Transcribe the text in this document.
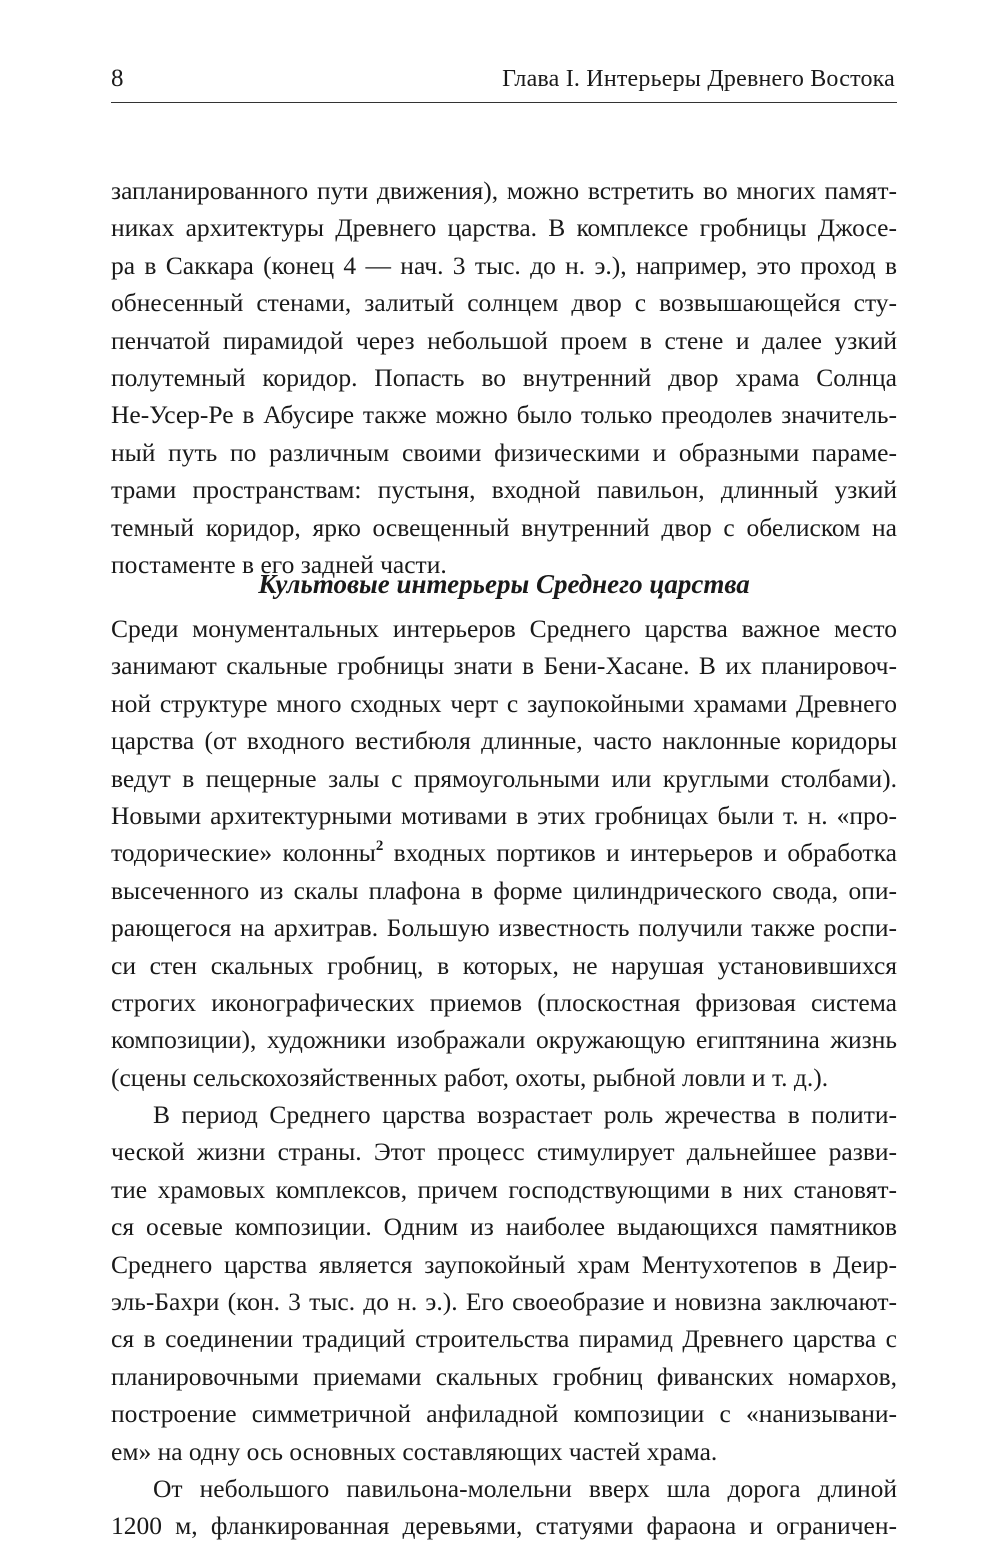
8	Глава I. Интерьеры Древнего Востока
запланированного пути движения), можно встретить во многих памят-
никах архитектуры Древнего царства. В комплексе гробницы Джосе-
ра в Саккара (конец 4 — нач. 3 тыс. до н. э.), например, это проход в
обнесенный стенами, залитый солнцем двор с возвышающейся сту-
пенчатой пирамидой через небольшой проем в стене и далее узкий
полутемный коридор. Попасть во внутренний двор храма Солнца
Не-Усер-Ре в Абусире также можно было только преодолев значитель-
ный путь по различным своими физическими и образными параме-
трами пространствам: пустыня, входной павильон, длинный узкий
темный коридор, ярко освещенный внутренний двор с обелиском на
постаменте в его задней части.
Культовые интерьеры Среднего царства
Среди монументальных интерьеров Среднего царства важное место
занимают скальные гробницы знати в Бени-Хасане. В их планировоч-
ной структуре много сходных черт с заупокойными храмами Древнего
царства (от входного вестибюля длинные, часто наклонные коридоры
ведут в пещерные залы с прямоугольными или круглыми столбами).
Новыми архитектурными мотивами в этих гробницах были т. н. «про-
тодорические» колонны$^2$ входных портиков и интерьеров и обработка
высеченного из скалы плафона в форме цилиндрического свода, опи-
рающегося на архитрав. Большую известность получили также роспи-
си стен скальных гробниц, в которых, не нарушая установившихся
строгих иконографических приемов (плоскостная фризовая система
композиции), художники изображали окружающую египтянина жизнь
(сцены сельскохозяйственных работ, охоты, рыбной ловли и т. д.).
В период Среднего царства возрастает роль жречества в полити-
ческой жизни страны. Этот процесс стимулирует дальнейшее разви-
тие храмовых комплексов, причем господствующими в них становят-
ся осевые композиции. Одним из наиболее выдающихся памятников
Среднего царства является заупокойный храм Ментухотепов в Деир-
эль-Бахри (кон. 3 тыс. до н. э.). Его своеобразие и новизна заключают-
ся в соединении традиций строительства пирамид Древнего царства с
планировочными приемами скальных гробниц фиванских номархов,
построение симметричной анфиладной композиции с «нанизывани-
ем» на одну ось основных составляющих частей храма.
От небольшого павильона-молельни вверх шла дорога длиной
1200 м, фланкированная деревьями, статуями фараона и ограничен-
